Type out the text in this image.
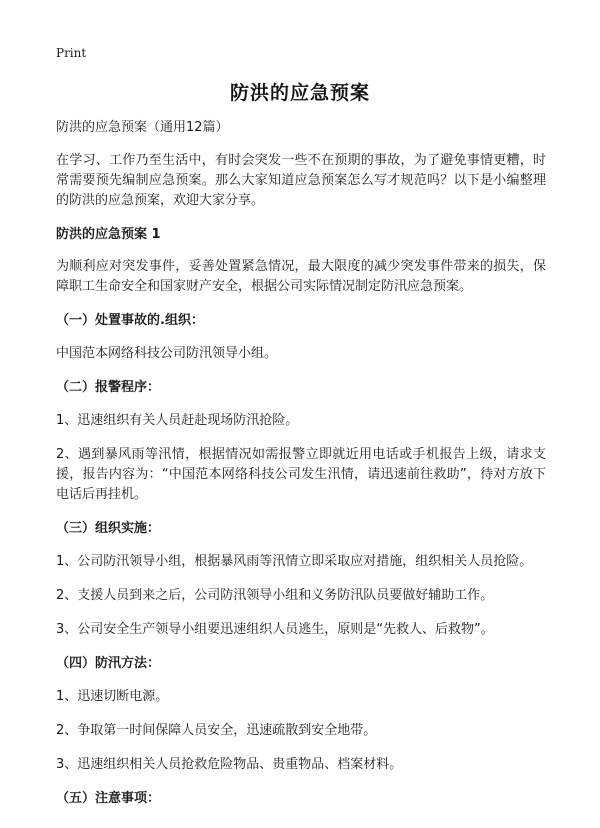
Print
防洪的应急预案
防洪的应急预案（通用12篇）

在学习、工作乃至生活中，有时会突发一些不在预期的事故，为了避免事情更糟，时常需要预先编制应急预案。那么大家知道应急预案怎么写才规范吗？以下是小编整理的防洪的应急预案，欢迎大家分享。

防洪的应急预案 1

为顺利应对突发事件，妥善处置紧急情况，最大限度的减少突发事件带来的损失，保障职工生命安全和国家财产安全，根据公司实际情况制定防汛应急预案。

（一）处置事故的.组织：

中国范本网络科技公司防汛领导小组。

（二）报警程序：

1、迅速组织有关人员赶赴现场防汛抢险。

2、遇到暴风雨等汛情，根据情况如需报警立即就近用电话或手机报告上级，请求支援，报告内容为：“中国范本网络科技公司发生汛情，请迅速前往救助”，待对方放下电话后再挂机。

（三）组织实施：

1、公司防汛领导小组，根据暴风雨等汛情立即采取应对措施，组织相关人员抢险。

2、支援人员到来之后，公司防汛领导小组和义务防汛队员要做好辅助工作。

3、公司安全生产领导小组要迅速组织人员逃生，原则是“先救人、后救物”。

（四）防汛方法：

1、迅速切断电源。

2、争取第一时间保障人员安全，迅速疏散到安全地带。

3、迅速组织相关人员抢救危险物品、贵重物品、档案材料。

（五）注意事项：
